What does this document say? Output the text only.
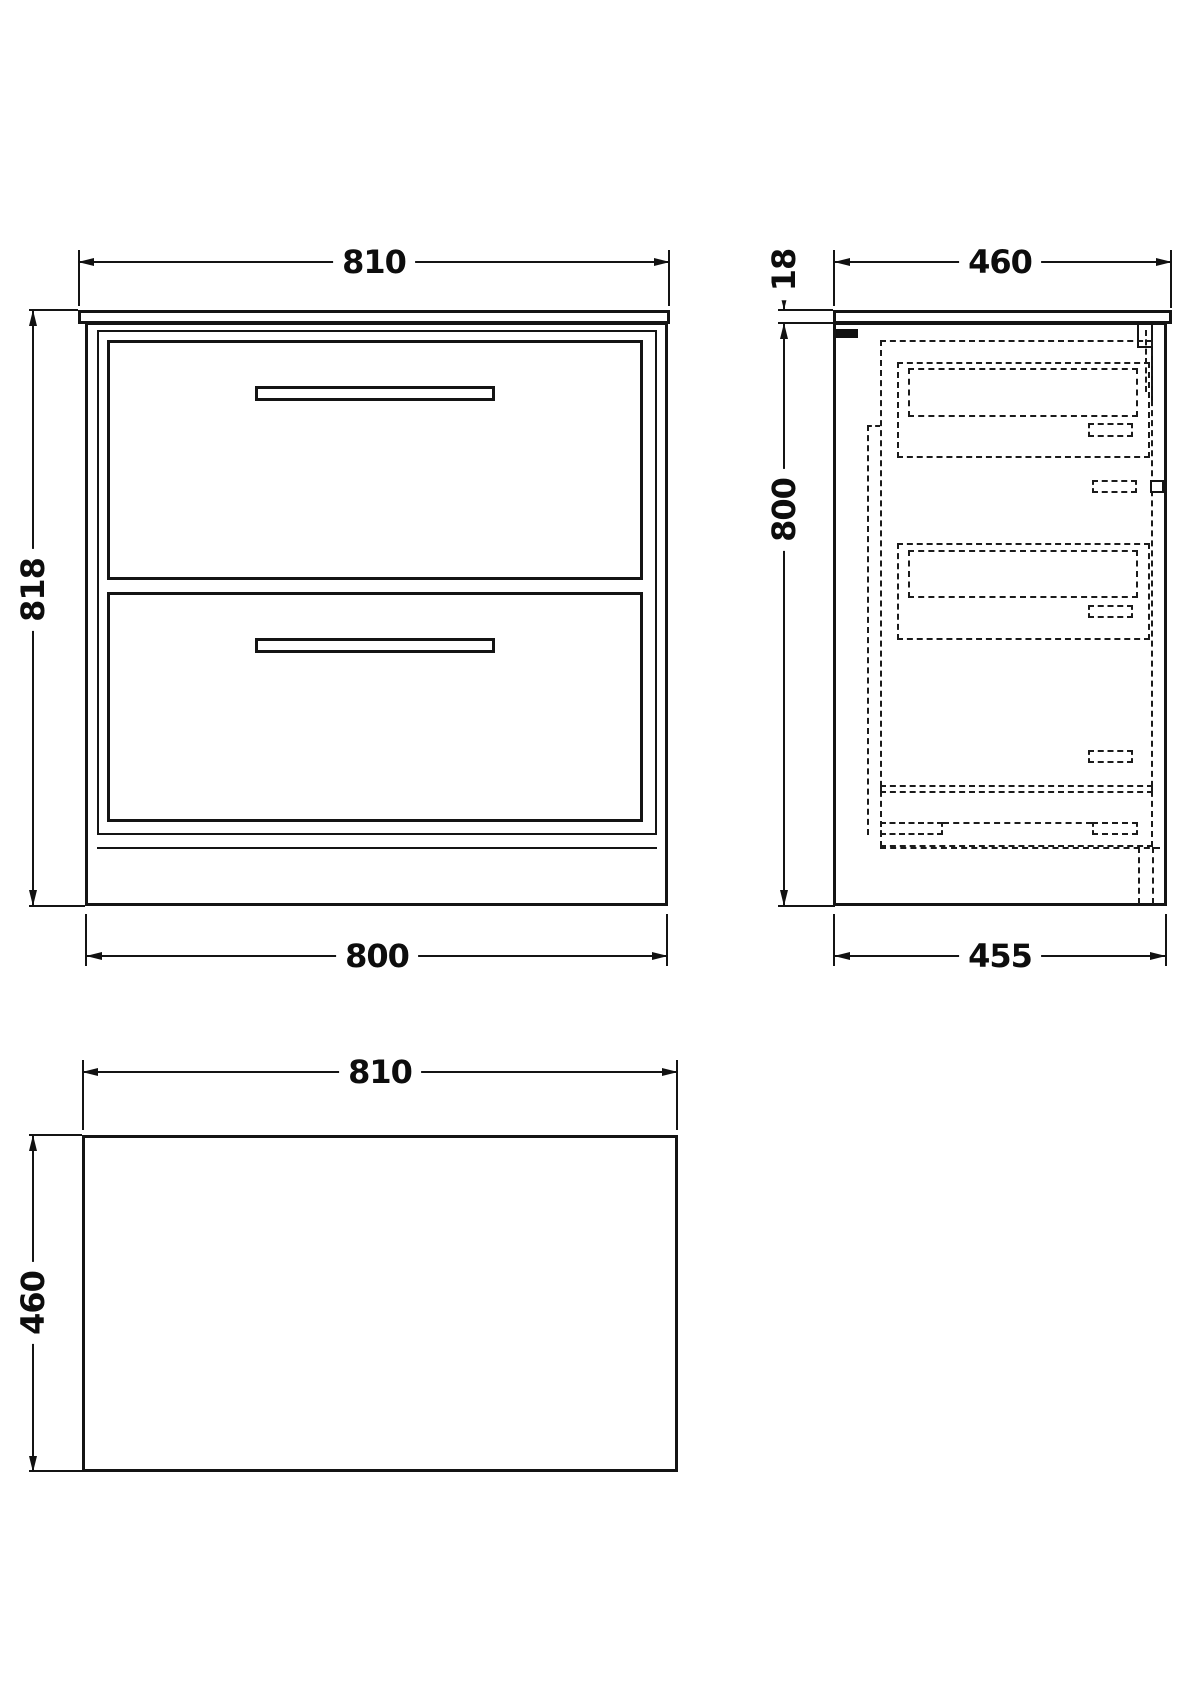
810
818
800
460
18
800
455
810
460
